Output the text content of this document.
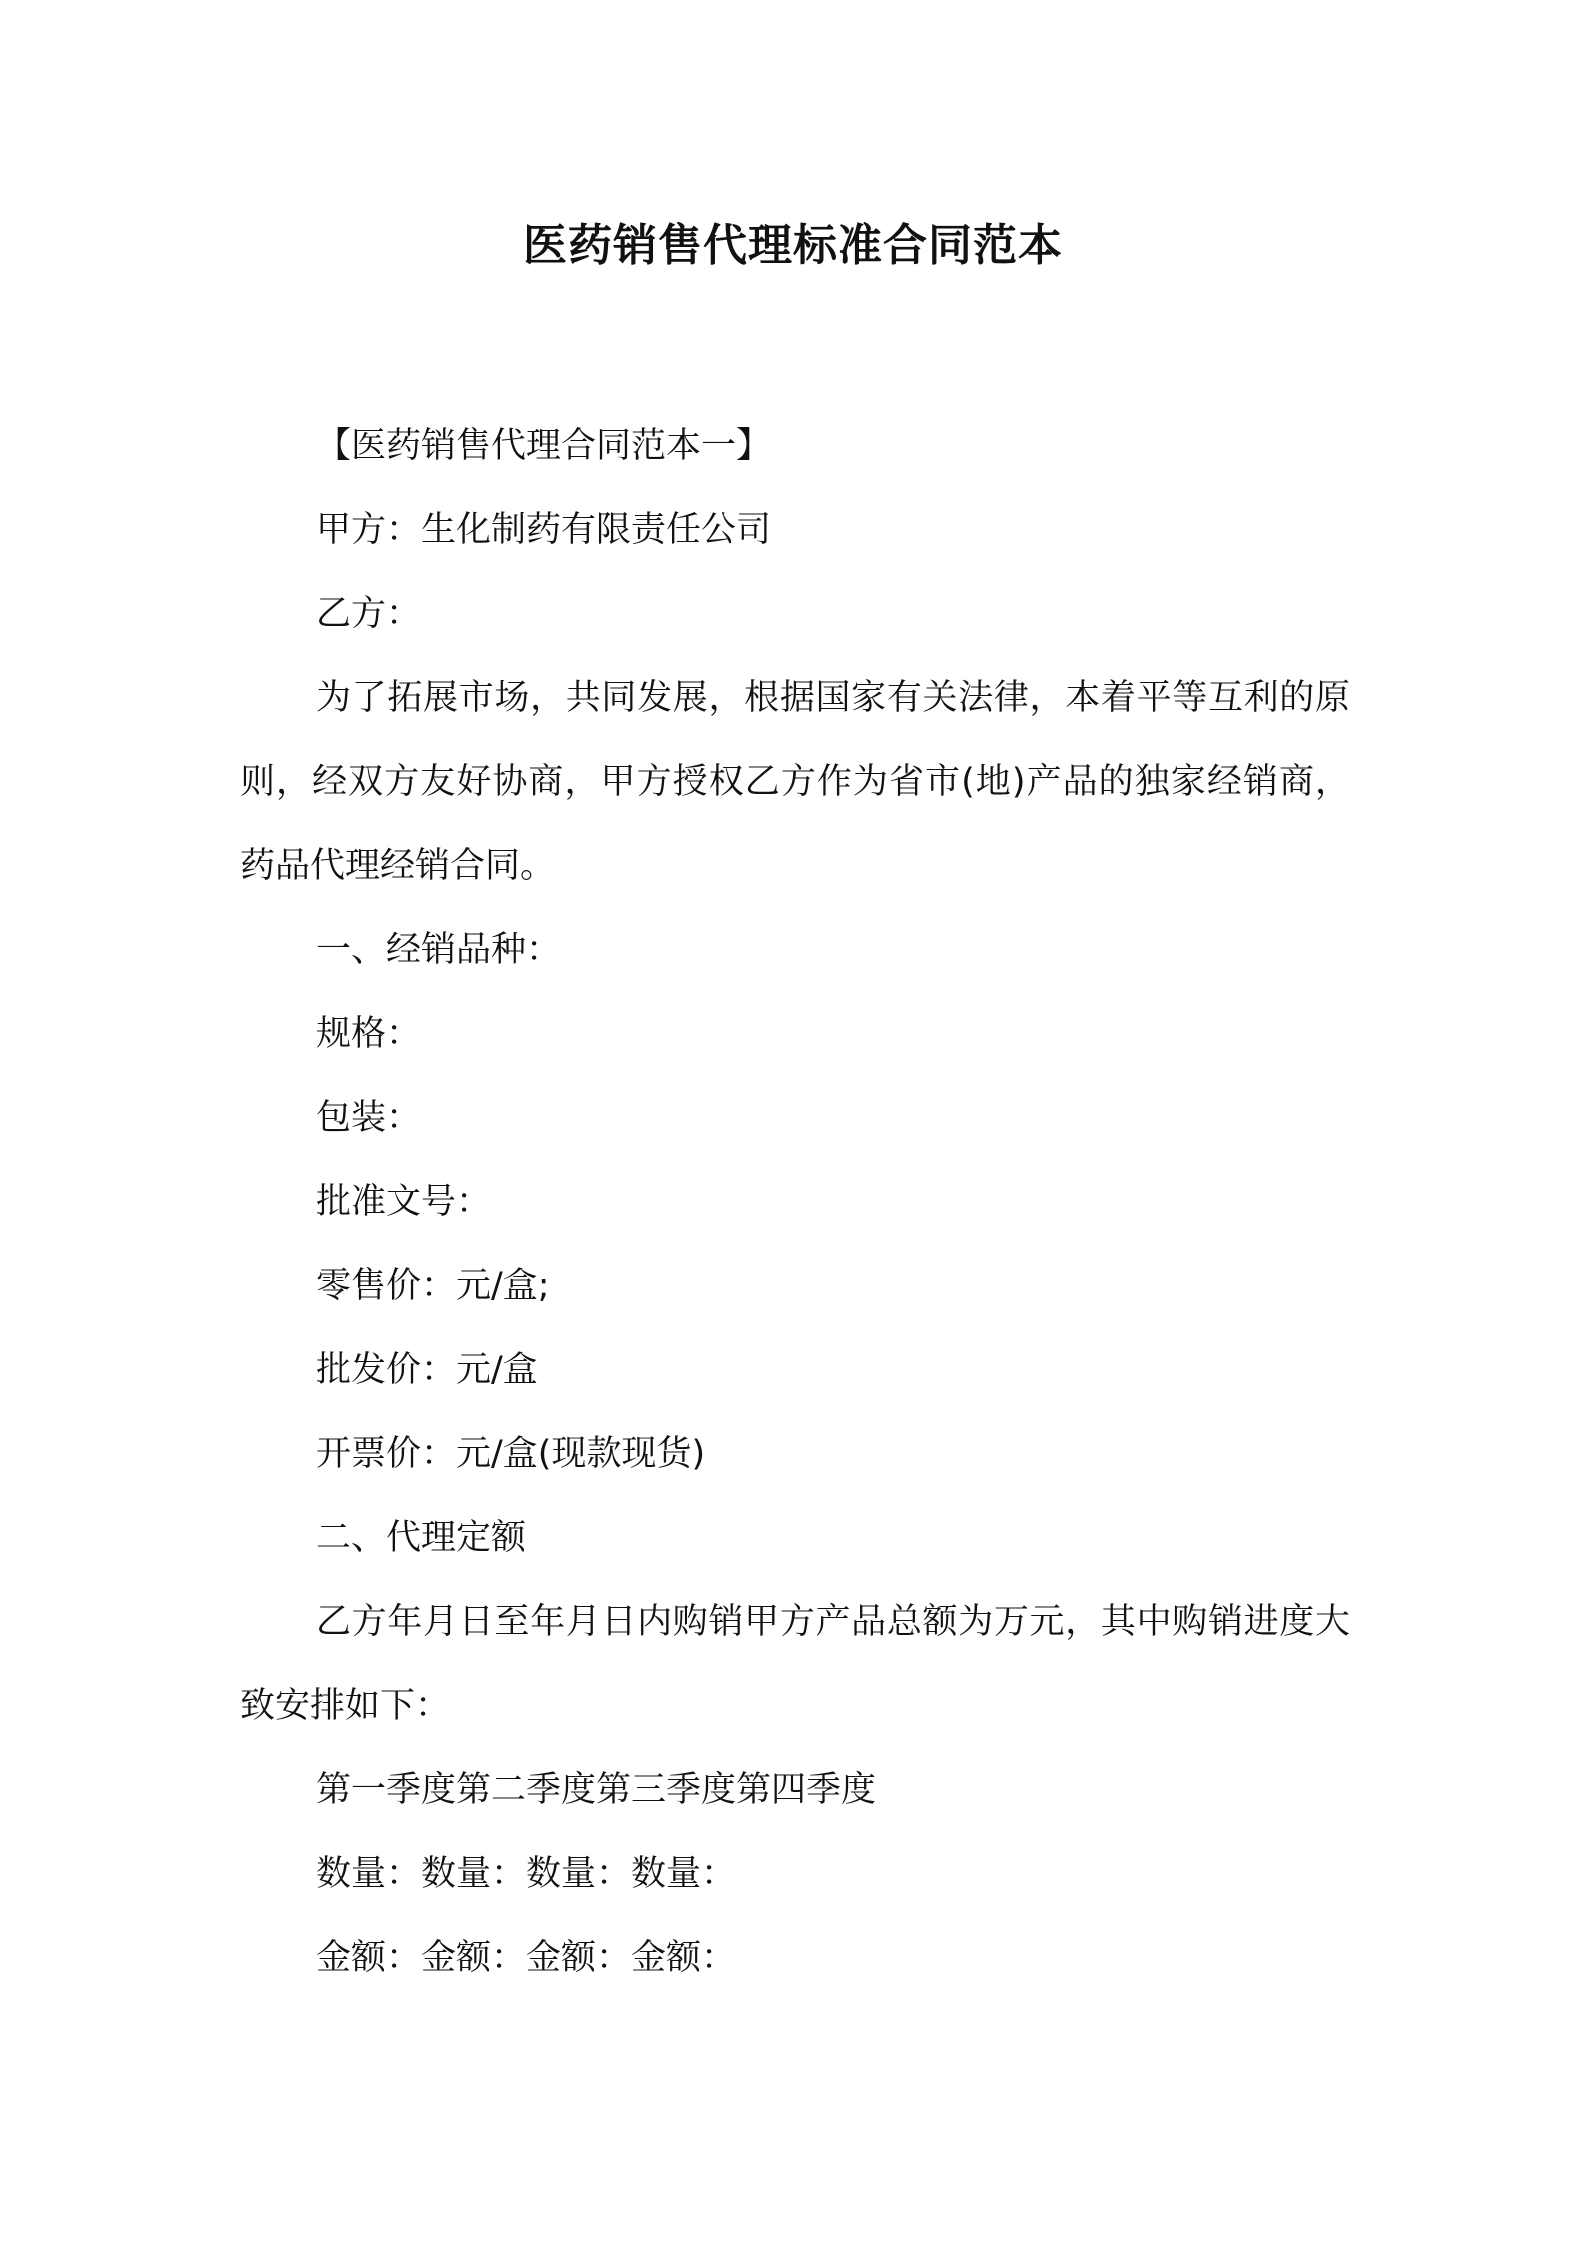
医药销售代理标准合同范本

【医药销售代理合同范本一】

甲方：生化制药有限责任公司

乙方：

为了拓展市场，共同发展，根据国家有关法律，本着平等互利的原则，经双方友好协商，甲方授权乙方作为省市(地)产品的独家经销商，药品代理经销合同。

一、经销品种：

规格：

包装：

批准文号：

零售价：元/盒;

批发价：元/盒

开票价：元/盒(现款现货)

二、代理定额

乙方年月日至年月日内购销甲方产品总额为万元，其中购销进度大致安排如下：

第一季度第二季度第三季度第四季度

数量：数量：数量：数量：

金额：金额：金额：金额：
